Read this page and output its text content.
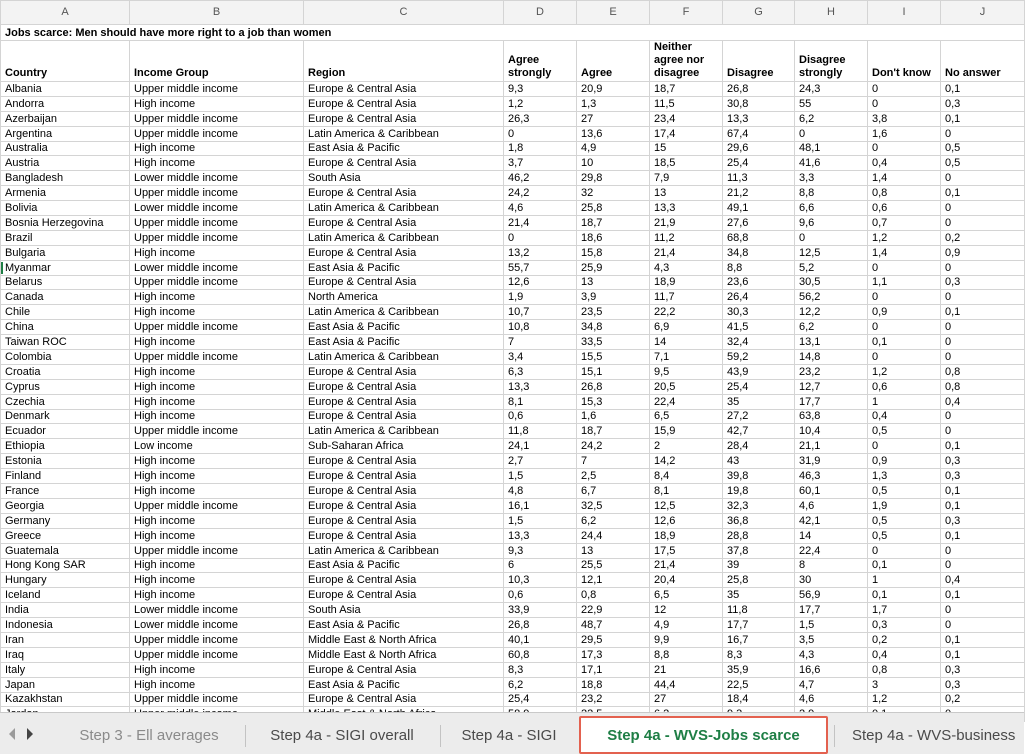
A	B	C	D	E	F	G	H	I	J
Jobs scarce: Men should have more right to a job than women									
Country	Income Group	Region	Agree strongly	Agree	Neither agree nor disagree	Disagree	Disagree strongly	Don't know	No answer
Albania	Upper middle income	Europe & Central Asia	9,3	20,9	18,7	26,8	24,3	0	0,1
Andorra	High income	Europe & Central Asia	1,2	1,3	11,5	30,8	55	0	0,3
Azerbaijan	Upper middle income	Europe & Central Asia	26,3	27	23,4	13,3	6,2	3,8	0,1
Argentina	Upper middle income	Latin America & Caribbean	0	13,6	17,4	67,4	0	1,6	0
Australia	High income	East Asia & Pacific	1,8	4,9	15	29,6	48,1	0	0,5
Austria	High income	Europe & Central Asia	3,7	10	18,5	25,4	41,6	0,4	0,5
Bangladesh	Lower middle income	South Asia	46,2	29,8	7,9	11,3	3,3	1,4	0
Armenia	Upper middle income	Europe & Central Asia	24,2	32	13	21,2	8,8	0,8	0,1
Bolivia	Lower middle income	Latin America & Caribbean	4,6	25,8	13,3	49,1	6,6	0,6	0
Bosnia Herzegovina	Upper middle income	Europe & Central Asia	21,4	18,7	21,9	27,6	9,6	0,7	0
Brazil	Upper middle income	Latin America & Caribbean	0	18,6	11,2	68,8	0	1,2	0,2
Bulgaria	High income	Europe & Central Asia	13,2	15,8	21,4	34,8	12,5	1,4	0,9
Myanmar	Lower middle income	East Asia & Pacific	55,7	25,9	4,3	8,8	5,2	0	0
Belarus	Upper middle income	Europe & Central Asia	12,6	13	18,9	23,6	30,5	1,1	0,3
Canada	High income	North America	1,9	3,9	11,7	26,4	56,2	0	0
Chile	High income	Latin America & Caribbean	10,7	23,5	22,2	30,3	12,2	0,9	0,1
China	Upper middle income	East Asia & Pacific	10,8	34,8	6,9	41,5	6,2	0	0
Taiwan ROC	High income	East Asia & Pacific	7	33,5	14	32,4	13,1	0,1	0
Colombia	Upper middle income	Latin America & Caribbean	3,4	15,5	7,1	59,2	14,8	0	0
Croatia	High income	Europe & Central Asia	6,3	15,1	9,5	43,9	23,2	1,2	0,8
Cyprus	High income	Europe & Central Asia	13,3	26,8	20,5	25,4	12,7	0,6	0,8
Czechia	High income	Europe & Central Asia	8,1	15,3	22,4	35	17,7	1	0,4
Denmark	High income	Europe & Central Asia	0,6	1,6	6,5	27,2	63,8	0,4	0
Ecuador	Upper middle income	Latin America & Caribbean	11,8	18,7	15,9	42,7	10,4	0,5	0
Ethiopia	Low income	Sub-Saharan Africa	24,1	24,2	2	28,4	21,1	0	0,1
Estonia	High income	Europe & Central Asia	2,7	7	14,2	43	31,9	0,9	0,3
Finland	High income	Europe & Central Asia	1,5	2,5	8,4	39,8	46,3	1,3	0,3
France	High income	Europe & Central Asia	4,8	6,7	8,1	19,8	60,1	0,5	0,1
Georgia	Upper middle income	Europe & Central Asia	16,1	32,5	12,5	32,3	4,6	1,9	0,1
Germany	High income	Europe & Central Asia	1,5	6,2	12,6	36,8	42,1	0,5	0,3
Greece	High income	Europe & Central Asia	13,3	24,4	18,9	28,8	14	0,5	0,1
Guatemala	Upper middle income	Latin America & Caribbean	9,3	13	17,5	37,8	22,4	0	0
Hong Kong SAR	High income	East Asia & Pacific	6	25,5	21,4	39	8	0,1	0
Hungary	High income	Europe & Central Asia	10,3	12,1	20,4	25,8	30	1	0,4
Iceland	High income	Europe & Central Asia	0,6	0,8	6,5	35	56,9	0,1	0,1
India	Lower middle income	South Asia	33,9	22,9	12	11,8	17,7	1,7	0
Indonesia	Lower middle income	East Asia & Pacific	26,8	48,7	4,9	17,7	1,5	0,3	0
Iran	Upper middle income	Middle East & North Africa	40,1	29,5	9,9	16,7	3,5	0,2	0,1
Iraq	Upper middle income	Middle East & North Africa	60,8	17,3	8,8	8,3	4,3	0,4	0,1
Italy	High income	Europe & Central Asia	8,3	17,1	21	35,9	16,6	0,8	0,3
Japan	High income	East Asia & Pacific	6,2	18,8	44,4	22,5	4,7	3	0,3
Kazakhstan	Upper middle income	Europe & Central Asia	25,4	23,2	27	18,4	4,6	1,2	0,2

Step 3 - Ell averages	Step 4a - SIGI overall	Step 4a - SIGI	Step 4a - WVS-Jobs scarce	Step 4a - WVS-business
